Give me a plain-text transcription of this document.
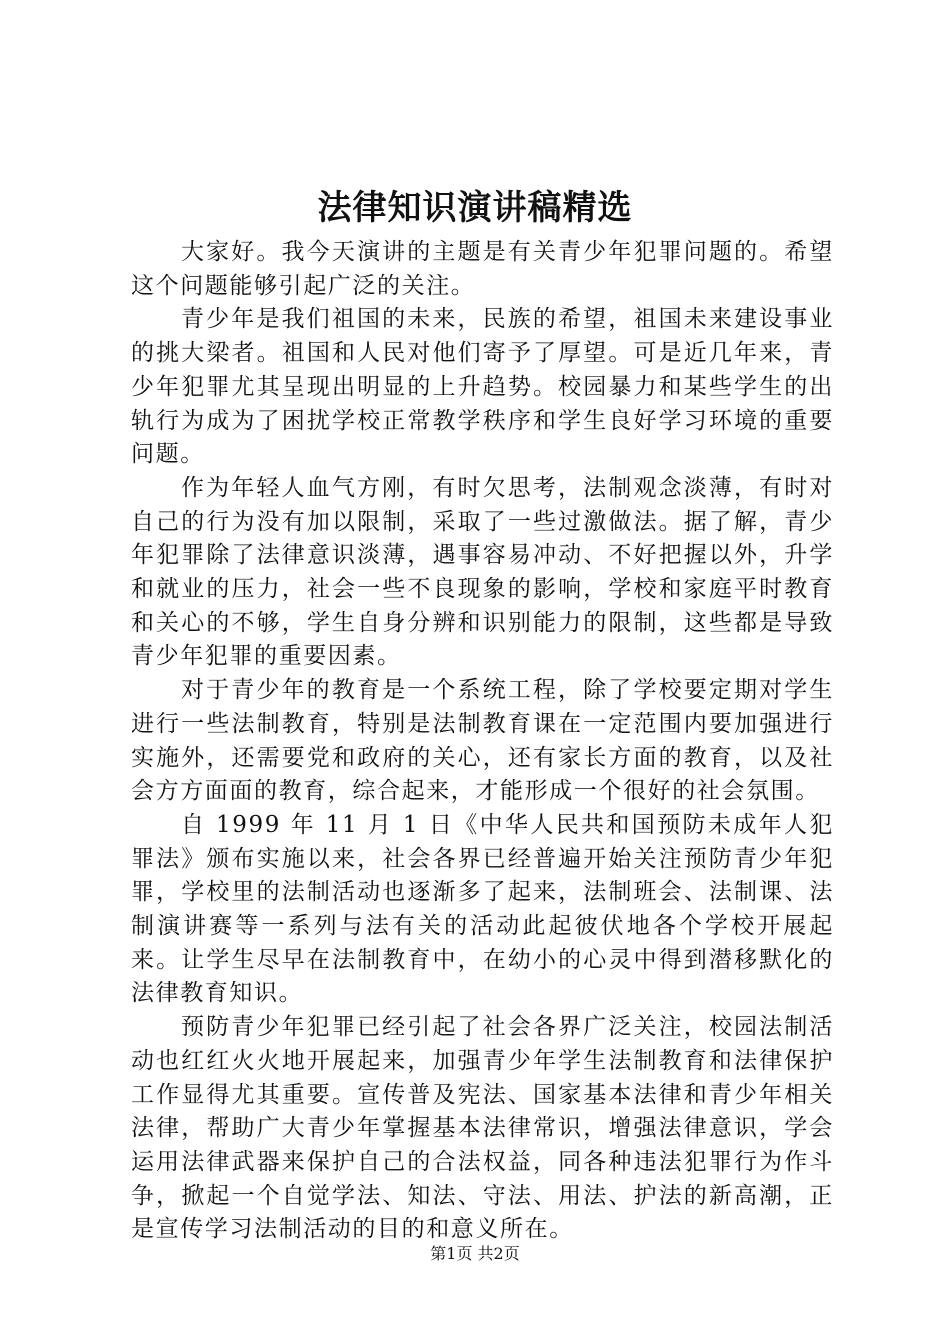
法律知识演讲稿精选

大家好。我今天演讲的主题是有关青少年犯罪问题的。希望这个问题能够引起广泛的关注。

青少年是我们祖国的未来，民族的希望，祖国未来建设事业的挑大梁者。祖国和人民对他们寄予了厚望。可是近几年来，青少年犯罪尤其呈现出明显的上升趋势。校园暴力和某些学生的出轨行为成为了困扰学校正常教学秩序和学生良好学习环境的重要问题。

作为年轻人血气方刚，有时欠思考，法制观念淡薄，有时对自己的行为没有加以限制，采取了一些过激做法。据了解，青少年犯罪除了法律意识淡薄，遇事容易冲动、不好把握以外，升学和就业的压力，社会一些不良现象的影响，学校和家庭平时教育和关心的不够，学生自身分辨和识别能力的限制，这些都是导致青少年犯罪的重要因素。

对于青少年的教育是一个系统工程，除了学校要定期对学生进行一些法制教育，特别是法制教育课在一定范围内要加强进行实施外，还需要党和政府的关心，还有家长方面的教育，以及社会方方面面的教育，综合起来，才能形成一个很好的社会氛围。

自 1999 年 11 月 1 日《中华人民共和国预防未成年人犯罪法》颁布实施以来，社会各界已经普遍开始关注预防青少年犯罪，学校里的法制活动也逐渐多了起来，法制班会、法制课、法制演讲赛等一系列与法有关的活动此起彼伏地各个学校开展起来。让学生尽早在法制教育中，在幼小的心灵中得到潜移默化的法律教育知识。

预防青少年犯罪已经引起了社会各界广泛关注，校园法制活动也红红火火地开展起来，加强青少年学生法制教育和法律保护工作显得尤其重要。宣传普及宪法、国家基本法律和青少年相关法律，帮助广大青少年掌握基本法律常识，增强法律意识，学会运用法律武器来保护自己的合法权益，同各种违法犯罪行为作斗争，掀起一个自觉学法、知法、守法、用法、护法的新高潮，正是宣传学习法制活动的目的和意义所在。

第1页 共2页
